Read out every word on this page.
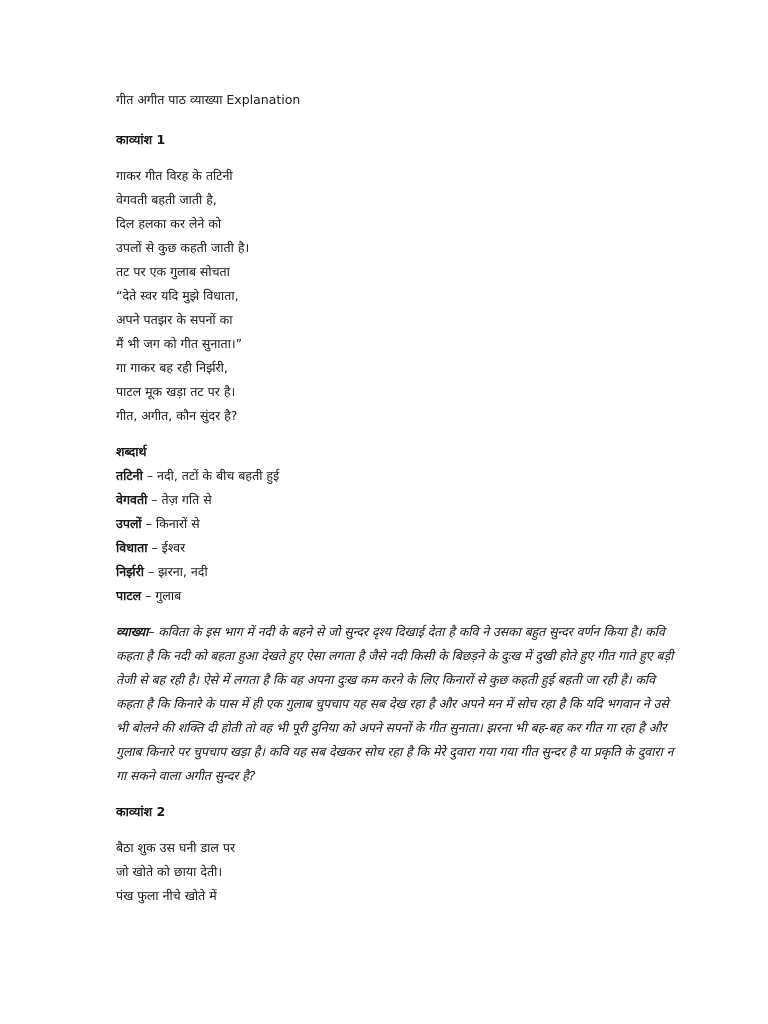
गीत अगीत पाठ व्याख्या Explanation

काव्यांश 1

गाकर गीत विरह के तटिनी

वेगवती बहती जाती है,

दिल हलका कर लेने को

उपलों से कुछ कहती जाती है।

तट पर एक गुलाब सोचता

“देते स्वर यदि मुझे विधाता,

अपने पतझर के सपनों का

मैं भी जग को गीत सुनाता।”

गा गाकर बह रही निर्झरी,

पाटल मूक खड़ा तट पर है।

गीत, अगीत, कौन सुंदर है?

शब्दार्थ

तटिनी – नदी, तटों के बीच बहती हुई

वेगवती – तेज़ गति से

उपलों – किनारों से

विधाता – ईश्वर

निर्झरी – झरना, नदी

पाटल – गुलाब

व्याख्या– कविता के इस भाग में नदी के बहने से जो सुन्दर दृश्य दिखाई देता है कवि ने उसका बहुत सुन्दर वर्णन किया है। कवि कहता है कि नदी को बहता हुआ देखते हुए ऐसा लगता है जैसे नदी किसी के बिछड़ने के दुःख में दुखी होते हुए गीत गाते हुए बड़ी तेजी से बह रही है। ऐसे में लगता है कि वह अपना दुःख कम करने के लिए किनारों से कुछ कहती हुई बहती जा रही है। कवि कहता है कि किनारे के पास में ही एक गुलाब चुपचाप यह सब देख रहा है और अपने मन में सोच रहा है कि यदि भगवान ने उसे भी बोलने की शक्ति दी होती तो वह भी पूरी दुनिया को अपने सपनों के गीत सुनाता। झरना भी बह-बह कर गीत गा रहा है और गुलाब किनारे पर चुपचाप खड़ा है। कवि यह सब देखकर सोच रहा है कि मेरे दुवारा गया गया गीत सुन्दर है या प्रकृति के दुवारा न गा सकने वाला अगीत सुन्दर है?

काव्यांश 2

बैठा शुक उस घनी डाल पर

जो खोते को छाया देती।

पंख फुला नीचे खोते में
